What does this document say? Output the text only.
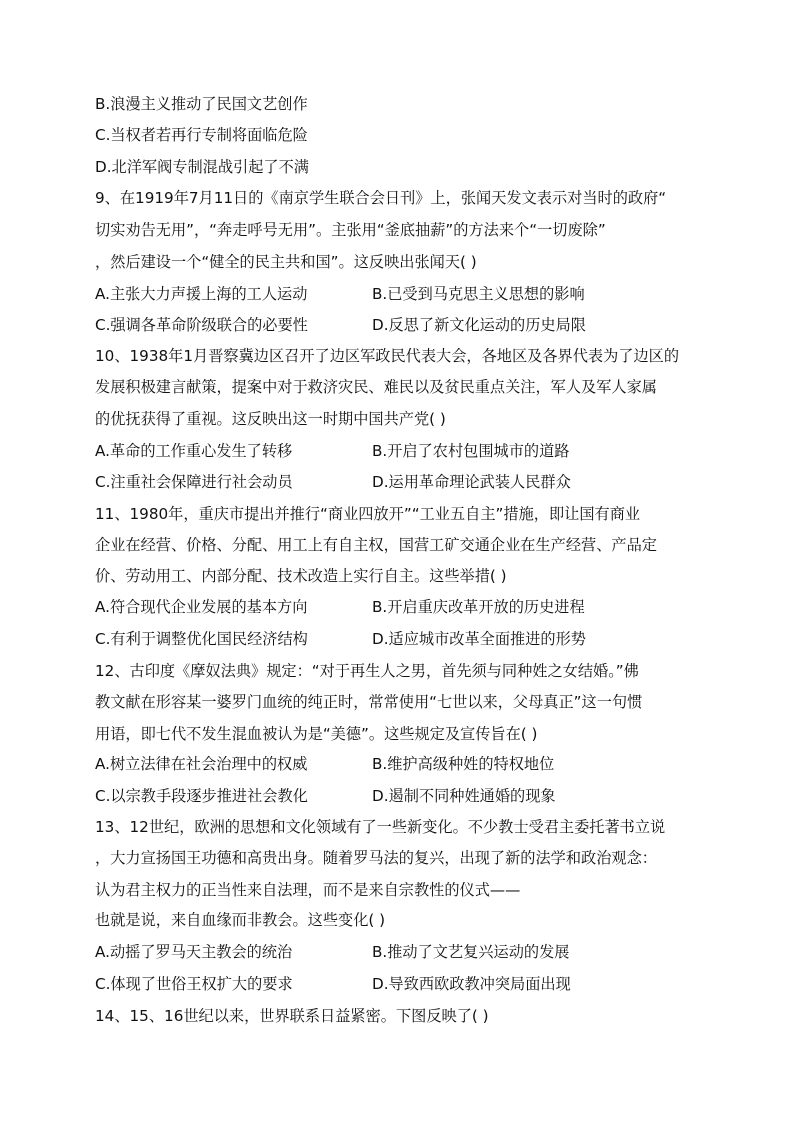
B.浪漫主义推动了民国文艺创作
C.当权者若再行专制将面临危险
D.北洋军阀专制混战引起了不满
9、在1919年7月11日的《南京学生联合会日刊》上，张闻天发文表示对当时的政府“
切实劝告无用”，“奔走呼号无用”。主张用“釜底抽薪”的方法来个“一切废除”
，然后建设一个“健全的民主共和国”。这反映出张闻天( )
A.主张大力声援上海的工人运动	B.已受到马克思主义思想的影响
C.强调各革命阶级联合的必要性	D.反思了新文化运动的历史局限
10、1938年1月晋察冀边区召开了边区军政民代表大会，各地区及各界代表为了边区的
发展积极建言献策，提案中对于救济灾民、难民以及贫民重点关注，军人及军人家属
的优抚获得了重视。这反映出这一时期中国共产党( )
A.革命的工作重心发生了转移	B.开启了农村包围城市的道路
C.注重社会保障进行社会动员	D.运用革命理论武装人民群众
11、1980年，重庆市提出并推行“商业四放开”“工业五自主”措施，即让国有商业
企业在经营、价格、分配、用工上有自主权，国营工矿交通企业在生产经营、产品定
价、劳动用工、内部分配、技术改造上实行自主。这些举措( )
A.符合现代企业发展的基本方向	B.开启重庆改革开放的历史进程
C.有利于调整优化国民经济结构	D.适应城市改革全面推进的形势
12、古印度《摩奴法典》规定：“对于再生人之男，首先须与同种姓之女结婚。”佛
教文献在形容某一婆罗门血统的纯正时，常常使用“七世以来，父母真正”这一句惯
用语，即七代不发生混血被认为是“美德”。这些规定及宣传旨在( )
A.树立法律在社会治理中的权威	B.维护高级种姓的特权地位
C.以宗教手段逐步推进社会教化	D.遏制不同种姓通婚的现象
13、12世纪，欧洲的思想和文化领域有了一些新变化。不少教士受君主委托著书立说
，大力宣扬国王功德和高贵出身。随着罗马法的复兴，出现了新的法学和政治观念：
认为君主权力的正当性来自法理，而不是来自宗教性的仪式——
也就是说，来自血缘而非教会。这些变化( )
A.动摇了罗马天主教会的统治	B.推动了文艺复兴运动的发展
C.体现了世俗王权扩大的要求	D.导致西欧政教冲突局面出现
14、15、16世纪以来，世界联系日益紧密。下图反映了( )
